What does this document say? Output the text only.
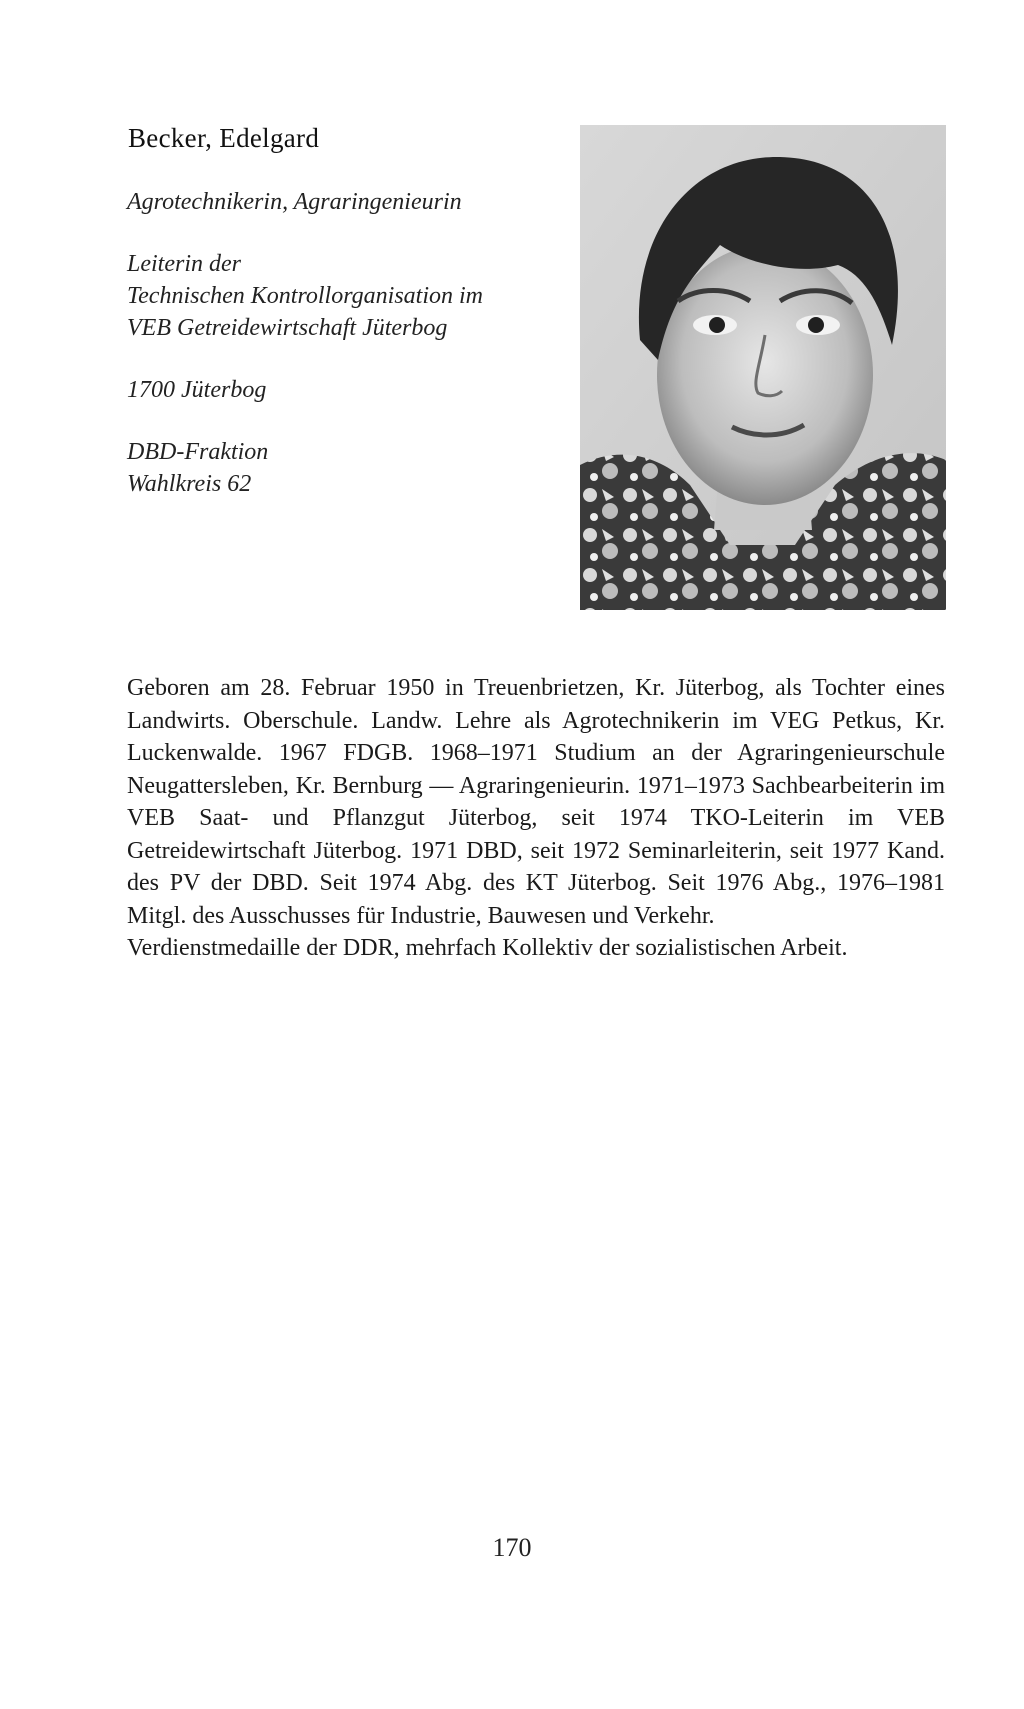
Becker, Edelgard
Agrotechnikerin, Agraringenieurin
Leiterin der
Technischen Kontrollorganisation im
VEB Getreidewirtschaft Jüterbog
1700 Jüterbog
DBD-Fraktion
Wahlkreis 62

Geboren am 28. Februar 1950 in Treuenbrietzen, Kr. Jüterbog, als Tochter eines Landwirts. Oberschule. Landw. Lehre als Agrotechnikerin im VEG Petkus, Kr. Luckenwalde. 1967 FDGB. 1968–1971 Studium an der Agraringenieurschule Neugattersleben, Kr. Bernburg — Agraringenieurin. 1971–1973 Sachbearbeiterin im VEB Saat- und Pflanzgut Jüterbog, seit 1974 TKO-Leiterin im VEB Getreidewirtschaft Jüterbog. 1971 DBD, seit 1972 Seminarleiterin, seit 1977 Kand. des PV der DBD. Seit 1974 Abg. des KT Jüterbog. Seit 1976 Abg., 1976–1981 Mitgl. des Ausschusses für Industrie, Bauwesen und Verkehr.

Verdienstmedaille der DDR, mehrfach Kollektiv der sozialistischen Arbeit.

170
